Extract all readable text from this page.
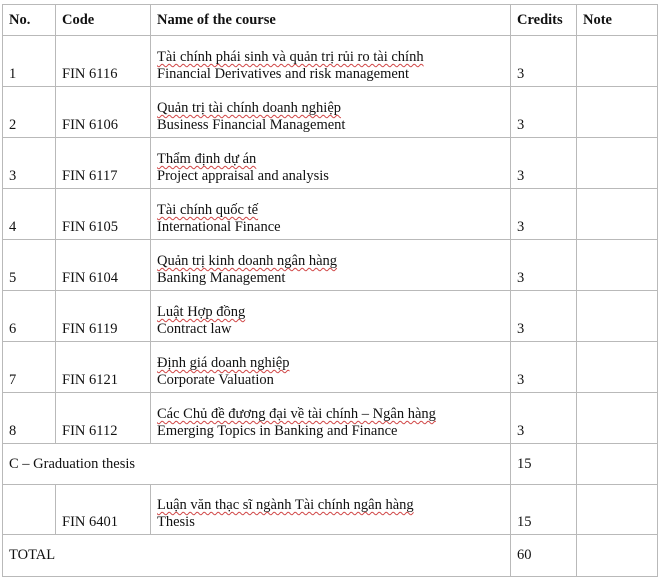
No.	Code	Name of the course	Credits	Note
1	FIN 6116	Tài chính phái sinh và quản trị rủi ro tài chính
Financial Derivatives and risk management	3	
2	FIN 6106	Quản trị tài chính doanh nghiệp
Business Financial Management	3	
3	FIN 6117	Thẩm định dự án
Project appraisal and analysis	3	
4	FIN 6105	Tài chính quốc tế
International Finance	3	
5	FIN 6104	Quản trị kinh doanh ngân hàng
Banking Management	3	
6	FIN 6119	Luật Hợp đồng
Contract law	3	
7	FIN 6121	Định giá doanh nghiệp
Corporate Valuation	3	
8	FIN 6112	Các Chủ đề đương đại về tài chính – Ngân hàng
Emerging Topics in Banking and Finance	3	
C – Graduation thesis			15	
	FIN 6401	Luận văn thạc sĩ ngành Tài chính ngân hàng
Thesis	15	
TOTAL			60	
